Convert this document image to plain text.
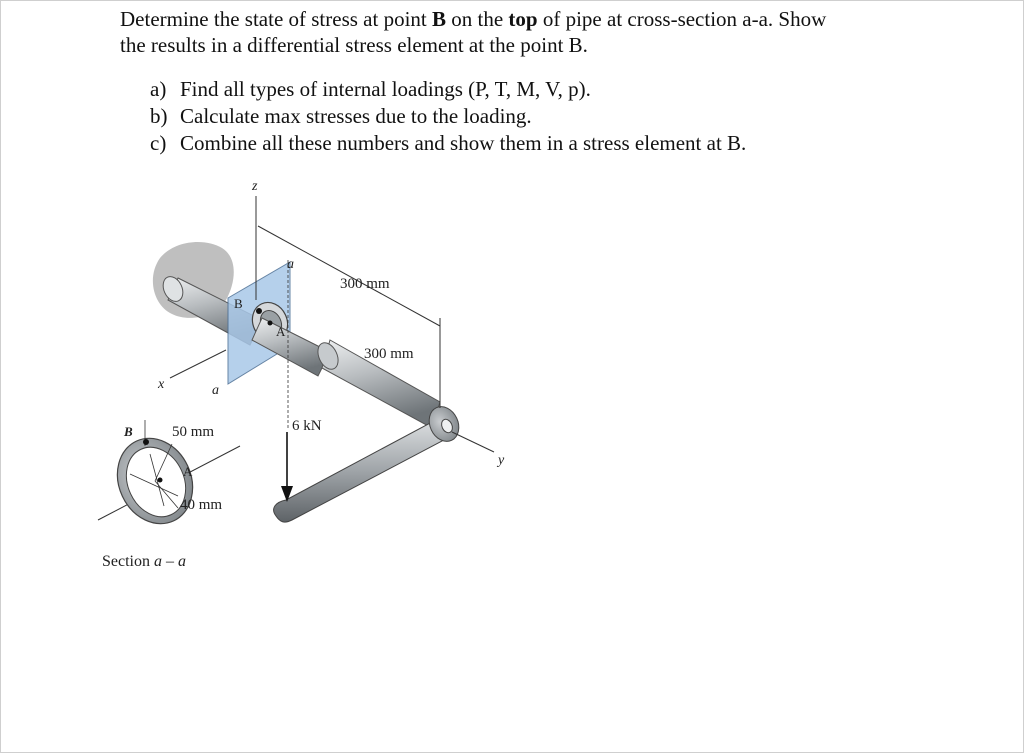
Determine the state of stress at point B on the top of pipe at cross-section a-a. Show
the results in a differential stress element at the point B.

a) Find all types of internal loadings (P, T, M, V, p).
b) Calculate max stresses due to the loading.
c) Combine all these numbers and show them in a stress element at B.
z
x
y
a
a
300 mm
300 mm
6 kN
B
A
B
A
50 mm
40 mm
Section a – a
